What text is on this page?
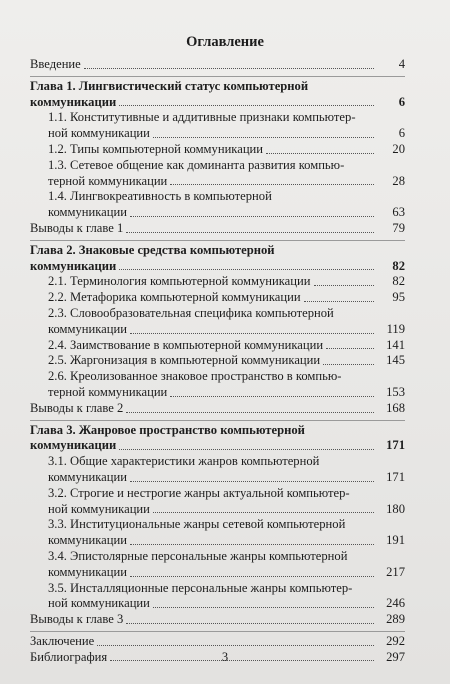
Оглавление
Введение	4
Глава 1. Лингвистический статус компьютерной
коммуникации	6
1.1. Конститутивные и аддитивные признаки компьютер-
ной коммуникации	6
1.2. Типы компьютерной коммуникации	20
1.3. Сетевое общение как доминанта развития компью-
терной коммуникации	28
1.4. Лингвокреативность в компьютерной
коммуникации	63
Выводы к главе 1	79
Глава 2. Знаковые средства компьютерной
коммуникации	82
2.1. Терминология компьютерной коммуникации	82
2.2. Метафорика компьютерной коммуникации	95
2.3. Словообразовательная специфика компьютерной
коммуникации	119
2.4. Заимствование в компьютерной коммуникации	141
2.5. Жаргонизация в компьютерной коммуникации	145
2.6. Креолизованное знаковое пространство в компью-
терной коммуникации	153
Выводы к главе 2	168
Глава 3. Жанровое пространство компьютерной
коммуникации	171
3.1. Общие характеристики жанров компьютерной
коммуникации	171
3.2. Строгие и нестрогие жанры актуальной компьютер-
ной коммуникации	180
3.3. Институциональные жанры сетевой компьютерной
коммуникации	191
3.4. Эпистолярные персональные жанры компьютерной
коммуникации	217
3.5. Инсталляционные персональные жанры компьютер-
ной коммуникации	246
Выводы к главе 3	289
Заключение	292
Библиография	297
3
